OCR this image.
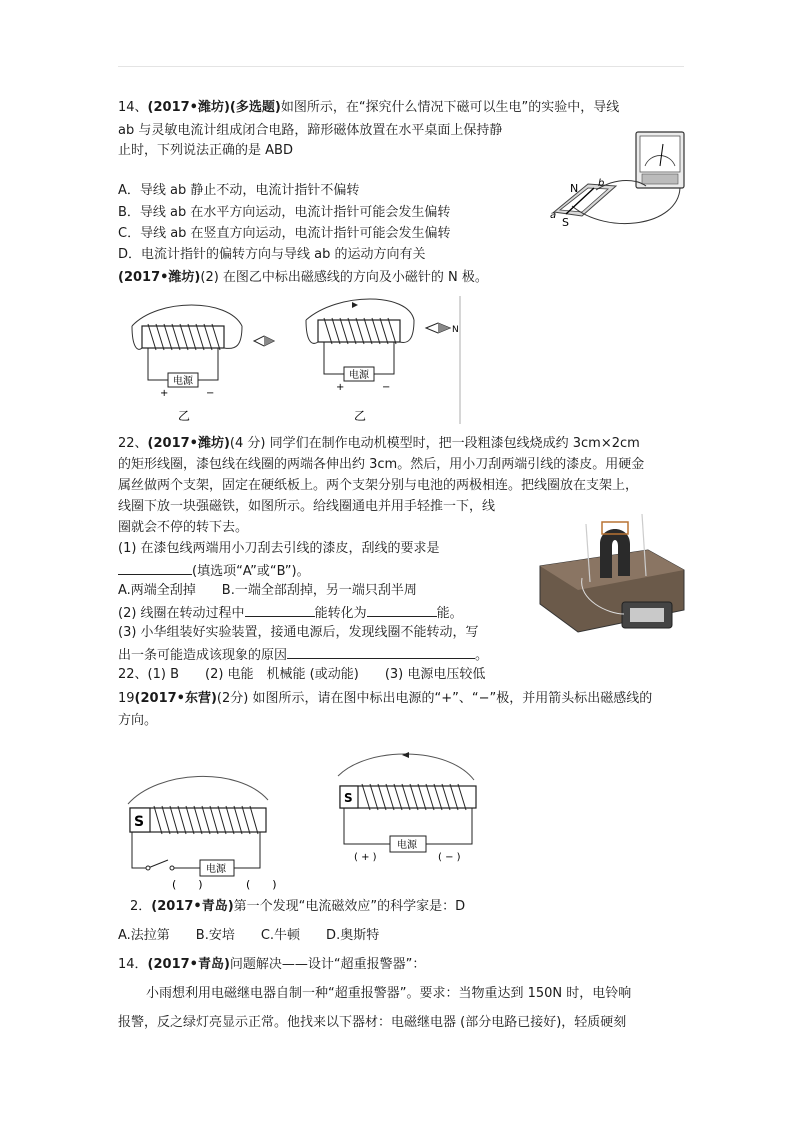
14、(2017•潍坊)(多选题)如图所示，在“探究什么情况下磁可以生电”的实验中，导线
ab 与灵敏电流计组成闭合电路，蹄形磁体放置在水平桌面上保持静
止时，下列说法正确的是 ABD
A．导线 ab 静止不动，电流计指针不偏转
B．导线 ab 在水平方向运动，电流计指针可能会发生偏转
C．导线 ab 在竖直方向运动，电流计指针可能会发生偏转
D．电流计指针的偏转方向与导线 ab 的运动方向有关
N
S
a
b
(2017•潍坊)(2) 在图乙中标出磁感线的方向及小磁针的 N 极。
电源
+	−
乙
电源
+	−
乙
N
22、(2017•潍坊)(4 分) 同学们在制作电动机模型时，把一段粗漆包线烧成约 3cm×2cm
的矩形线圈，漆包线在线圈的两端各伸出约 3cm。然后，用小刀刮两端引线的漆皮。用硬金
属丝做两个支架，固定在硬纸板上。两个支架分别与电池的两极相连。把线圈放在支架上，
线圈下放一块强磁铁，如图所示。给线圈通电并用手轻推一下，线
圈就会不停的转下去。
(1) 在漆包线两端用小刀刮去引线的漆皮，刮线的要求是
(填选项“A”或“B”)。
A.两端全刮掉　　B.一端全部刮掉，另一端只刮半周
(2) 线圈在转动过程中	能转化为	能。
(3) 小华组装好实验装置，接通电源后，发现线圈不能转动，写
出一条可能造成该现象的原因	。
22、(1) B　　(2) 电能　机械能 (或动能)　　(3) 电源电压较低
19(2017•东营)(2分) 如图所示，请在图中标出电源的“+”、“−”极，并用箭头标出磁感线的
方向。
S
电源
(　　)	(　　)
S
电源
( + )	( − )
2．(2017•青岛)第一个发现“电流磁效应”的科学家是：D
A.法拉第　　B.安培　　C.牛顿　　D.奥斯特
14．(2017•青岛)问题解决——设计“超重报警器”：
小雨想利用电磁继电器自制一种“超重报警器”。要求：当物重达到 150N 时，电铃响
报警，反之绿灯亮显示正常。他找来以下器材：电磁继电器 (部分电路已接好)，轻质硬刻
